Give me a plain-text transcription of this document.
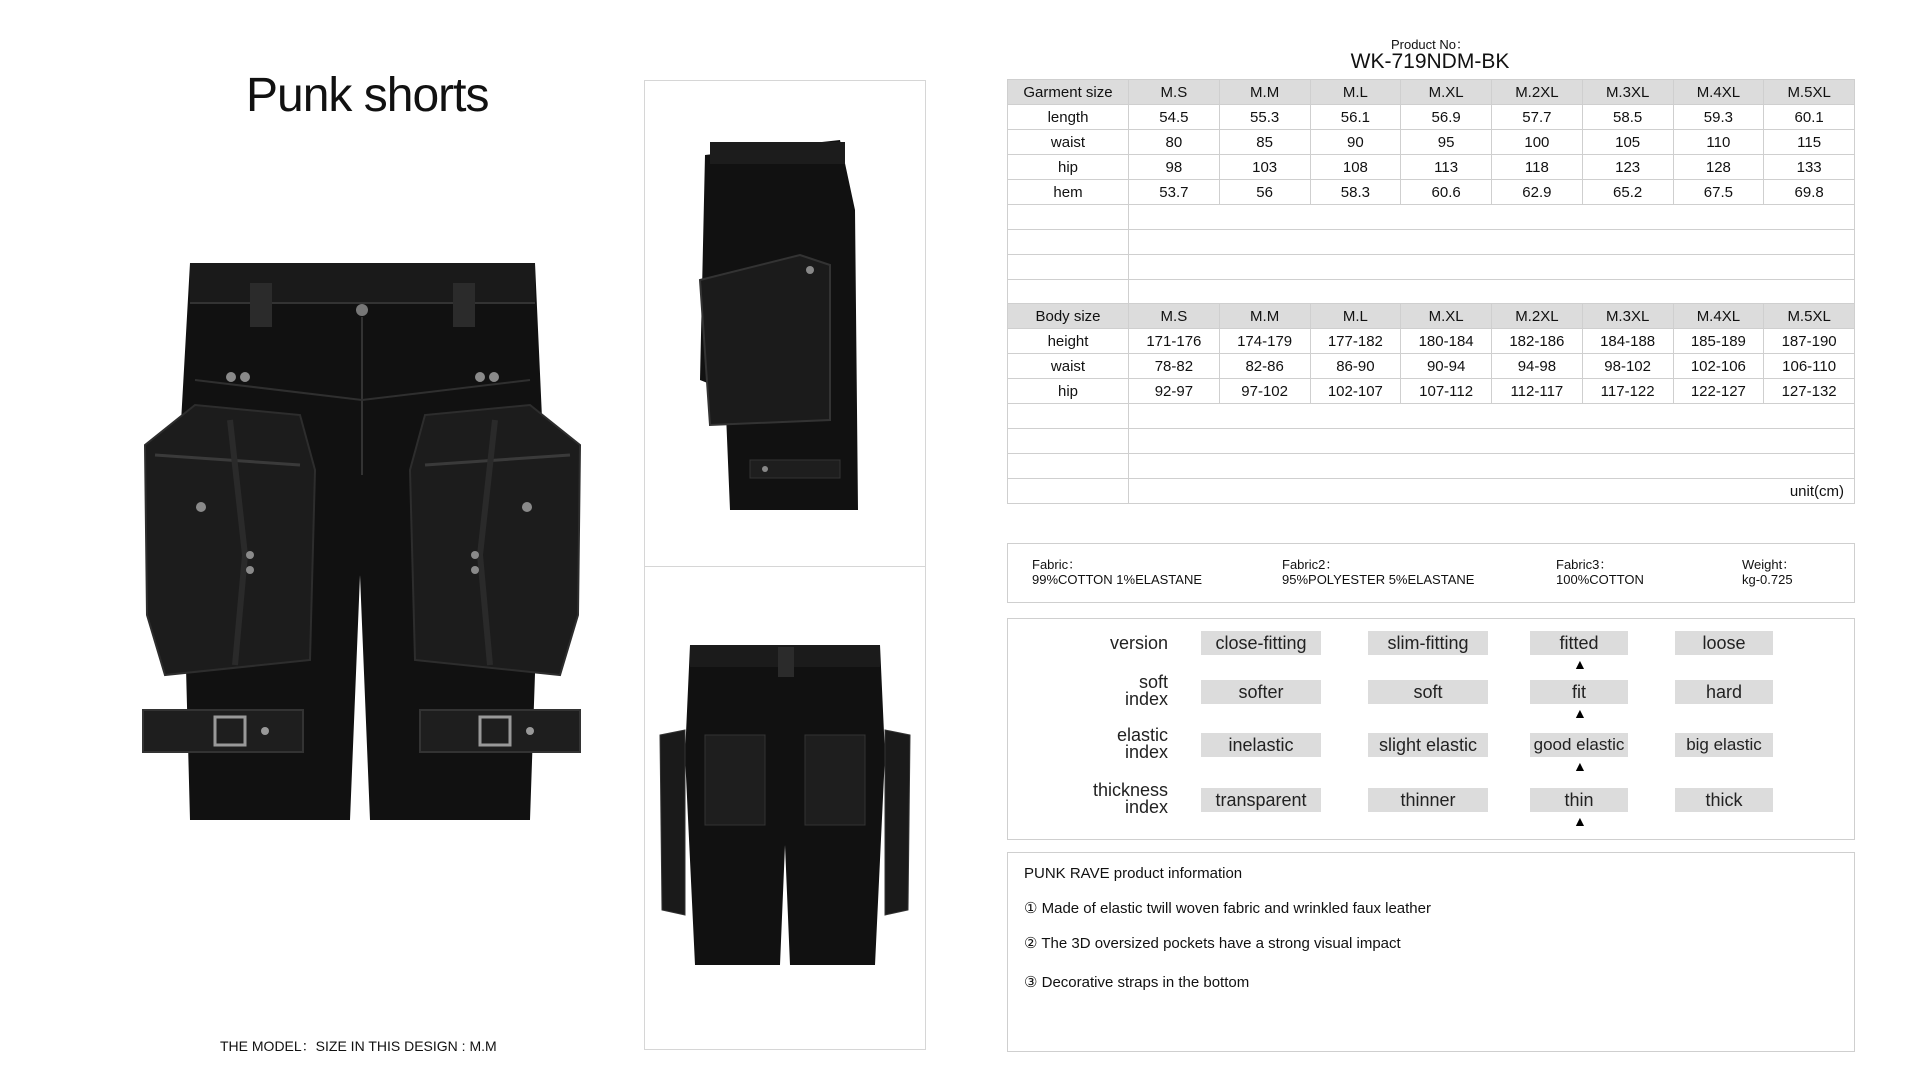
Punk shorts
THE MODEL：SIZE IN THIS DESIGN : M.M
Product No：
WK-719NDM-BK
Garment size	M.S	M.M	M.L	M.XL	M.2XL	M.3XL	M.4XL	M.5XL
length	54.5	55.3	56.1	56.9	57.7	58.5	59.3	60.1
waist	80	85	90	95	100	105	110	115
hip	98	103	108	113	118	123	128	133
hem	53.7	56	58.3	60.6	62.9	65.2	67.5	69.8

Body size	M.S	M.M	M.L	M.XL	M.2XL	M.3XL	M.4XL	M.5XL
height	171-176	174-179	177-182	180-184	182-186	184-188	185-189	187-190
waist	78-82	82-86	86-90	90-94	94-98	98-102	102-106	106-110
hip	92-97	97-102	102-107	107-112	112-117	117-122	122-127	127-132

	unit(cm)							
Fabric：
99%COTTON 1%ELASTANE
Fabric2：
95%POLYESTER 5%ELASTANE
Fabric3：
100%COTTON
Weight：
kg-0.725
version	close-fitting	slim-fitting	fitted	loose
▲
soft
index	softer	soft	fit	hard
▲
elastic
index	inelastic	slight elastic	good elastic	big elastic
▲
thickness
index	transparent	thinner	thin	thick
▲
PUNK RAVE product information
① Made of elastic twill woven fabric and wrinkled faux leather
② The 3D oversized pockets have a strong visual impact
③ Decorative straps in the bottom
